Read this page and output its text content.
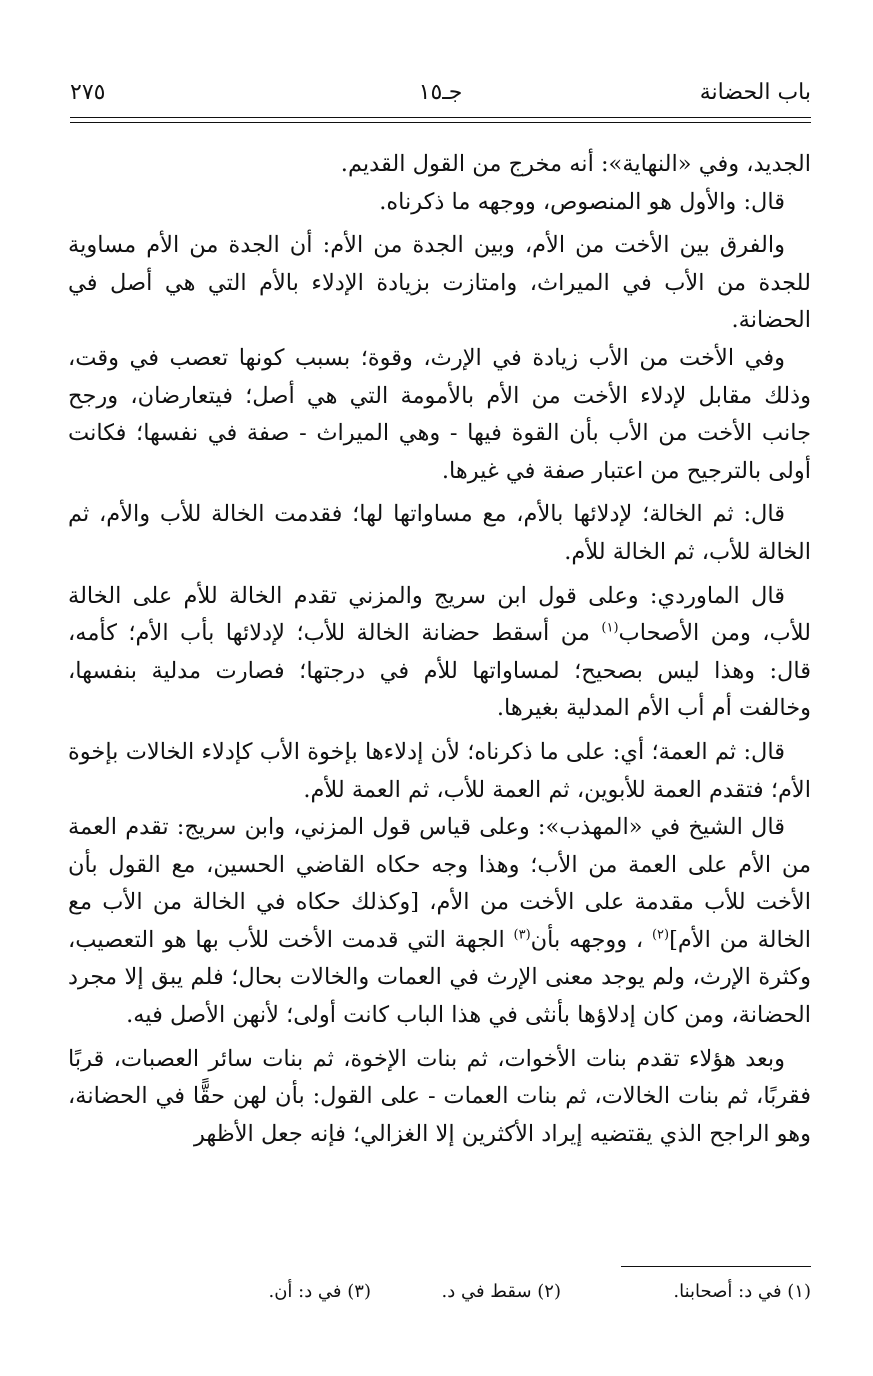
باب الحضانة
جـ١٥
٢٧٥

الجديد، وفي «النهاية»: أنه مخرج من القول القديم.

قال: والأول هو المنصوص، ووجهه ما ذكرناه.

والفرق بين الأخت من الأم، وبين الجدة من الأم: أن الجدة من الأم مساوية للجدة من الأب في الميراث، وامتازت بزيادة الإدلاء بالأم التي هي أصل في الحضانة.

وفي الأخت من الأب زيادة في الإرث، وقوة؛ بسبب كونها تعصب في وقت، وذلك مقابل لإدلاء الأخت من الأم بالأمومة التي هي أصل؛ فيتعارضان، ورجح جانب الأخت من الأب بأن القوة فيها - وهي الميراث - صفة في نفسها؛ فكانت أولى بالترجيح من اعتبار صفة في غيرها.

قال: ثم الخالة؛ لإدلائها بالأم، مع مساواتها لها؛ فقدمت الخالة للأب والأم، ثم الخالة للأب، ثم الخالة للأم.

قال الماوردي: وعلى قول ابن سريج والمزني تقدم الخالة للأم على الخالة للأب، ومن الأصحاب$^{(١)}$ من أسقط حضانة الخالة للأب؛ لإدلائها بأب الأم؛ كأمه، قال: وهذا ليس بصحيح؛ لمساواتها للأم في درجتها؛ فصارت مدلية بنفسها، وخالفت أم أب الأم المدلية بغيرها.

قال: ثم العمة؛ أي: على ما ذكرناه؛ لأن إدلاءها بإخوة الأب كإدلاء الخالات بإخوة الأم؛ فتقدم العمة للأبوين، ثم العمة للأب، ثم العمة للأم.

قال الشيخ في «المهذب»: وعلى قياس قول المزني، وابن سريج: تقدم العمة من الأم على العمة من الأب؛ وهذا وجه حكاه القاضي الحسين، مع القول بأن الأخت للأب مقدمة على الأخت من الأم، [وكذلك حكاه في الخالة من الأب مع الخالة من الأم]$^{(٢)}$ ، ووجهه بأن$^{(٣)}$ الجهة التي قدمت الأخت للأب بها هو التعصيب، وكثرة الإرث، ولم يوجد معنى الإرث في العمات والخالات بحال؛ فلم يبق إلا مجرد الحضانة، ومن كان إدلاؤها بأنثى في هذا الباب كانت أولى؛ لأنهن الأصل فيه.

وبعد هؤلاء تقدم بنات الأخوات، ثم بنات الإخوة، ثم بنات سائر العصبات، قربًا فقربًا، ثم بنات الخالات، ثم بنات العمات - على القول: بأن لهن حقًّا في الحضانة، وهو الراجح الذي يقتضيه إيراد الأكثرين إلا الغزالي؛ فإنه جعل الأظهر

(١) في د: أصحابنا.
(٢) سقط في د.
(٣) في د: أن.
